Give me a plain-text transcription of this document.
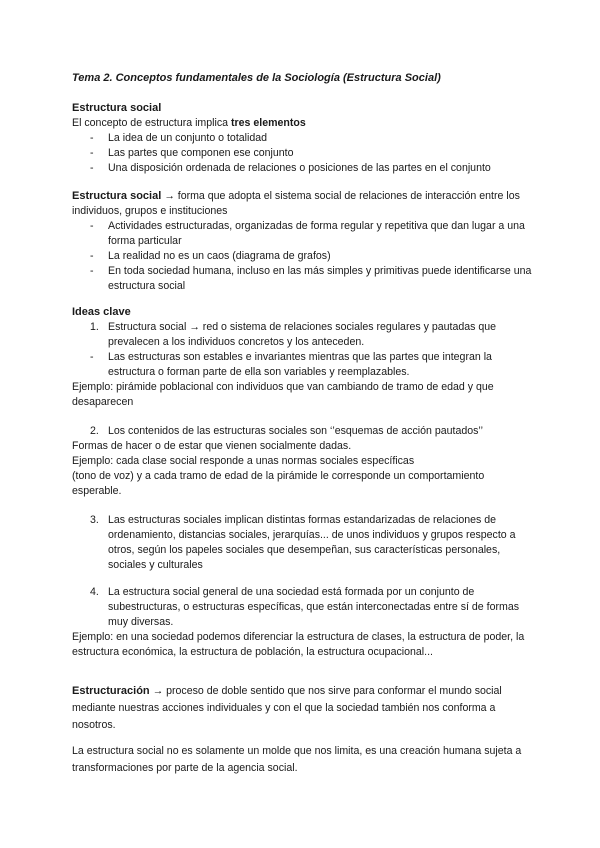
Tema 2. Conceptos fundamentales de la Sociología (Estructura Social)
Estructura social
El concepto de estructura implica tres elementos
- La idea de un conjunto o totalidad
- Las partes que componen ese conjunto
- Una disposición ordenada de relaciones o posiciones de las partes en el conjunto
Estructura social → forma que adopta el sistema social de relaciones de interacción entre los individuos, grupos e instituciones
- Actividades estructuradas, organizadas de forma regular y repetitiva que dan lugar a una forma particular
- La realidad no es un caos (diagrama de grafos)
- En toda sociedad humana, incluso en las más simples y primitivas puede identificarse una estructura social
Ideas clave
1. Estructura social → red o sistema de relaciones sociales regulares y pautadas que prevalecen a los individuos concretos y los anteceden.
- Las estructuras son estables e invariantes mientras que las partes que integran la estructura o forman parte de ella son variables y reemplazables.
Ejemplo: pirámide poblacional con individuos que van cambiando de tramo de edad y que desaparecen
2. Los contenidos de las estructuras sociales son ‘’esquemas de acción pautados’’
Formas de hacer o de estar que vienen socialmente dadas.
Ejemplo: cada clase social responde a unas normas sociales específicas
(tono de voz) y a cada tramo de edad de la pirámide le corresponde un comportamiento esperable.
3. Las estructuras sociales implican distintas formas estandarizadas de relaciones de ordenamiento, distancias sociales, jerarquías... de unos individuos y grupos respecto a otros, según los papeles sociales que desempeñan, sus características personales, sociales y culturales
4. La estructura social general de una sociedad está formada por un conjunto de subestructuras, o estructuras específicas, que están interconectadas entre sí de formas muy diversas.
Ejemplo: en una sociedad podemos diferenciar la estructura de clases, la estructura de poder, la estructura económica, la estructura de población, la estructura ocupacional...
Estructuración → proceso de doble sentido que nos sirve para conformar el mundo social mediante nuestras acciones individuales y con el que la sociedad también nos conforma a nosotros.
La estructura social no es solamente un molde que nos limita, es una creación humana sujeta a transformaciones por parte de la agencia social.
